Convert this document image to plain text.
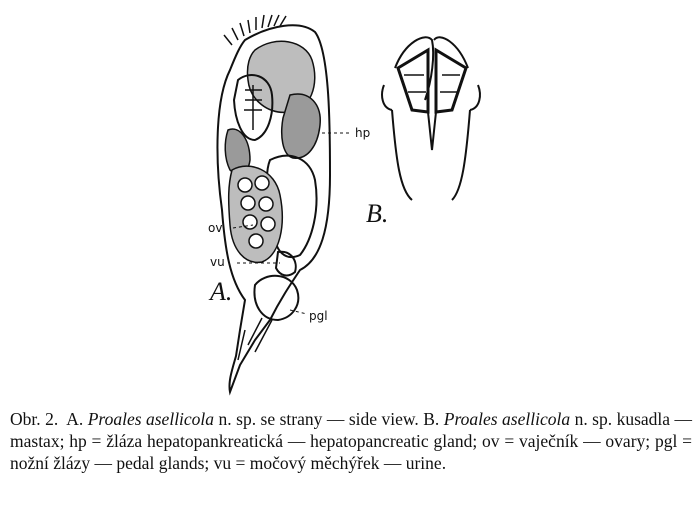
hp
ov
vu
pgl
A.
B.
Obr. 2. A. Proales asellicola n. sp. se strany — side view. B. Proales asellicola n. sp. kusadla — mastax; hp = žláza hepatopankreatická — hepatopancreatic gland; ov = vaječník — ovary; pgl = nožní žlázy — pedal glands; vu = močový měchýřek — urine.
